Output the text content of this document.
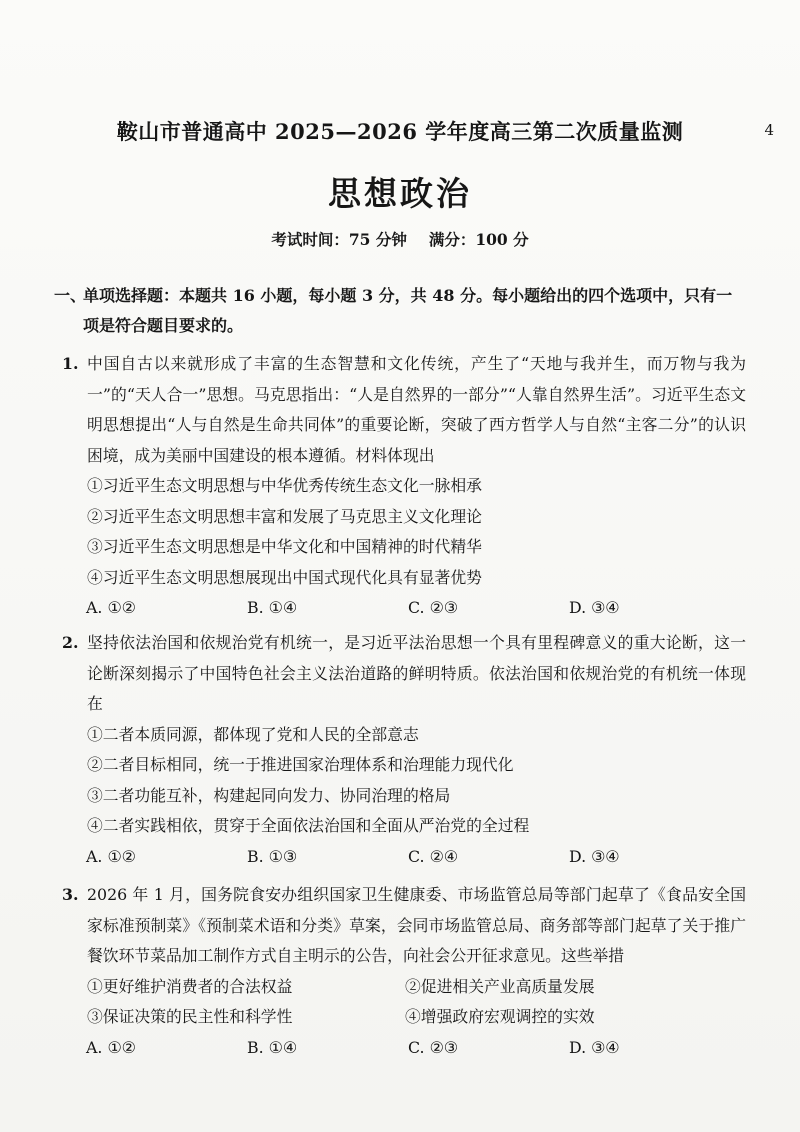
鞍山市普通高中 2025—2026 学年度高三第二次质量监测	4
思想政治
考试时间：75 分钟 满分：100 分
一、
单项选择题：本题共 16 小题，每小题 3 分，共 48 分。每小题给出的四个选项中，只有一项是符合题目要求的。
1. 中国自古以来就形成了丰富的生态智慧和文化传统，产生了“天地与我并生，而万物与我为一”的“天人合一”思想。马克思指出：“人是自然界的一部分”“人靠自然界生活”。习近平生态文明思想提出“人与自然是生命共同体”的重要论断，突破了西方哲学人与自然“主客二分”的认识困境，成为美丽中国建设的根本遵循。材料体现出
①习近平生态文明思想与中华优秀传统生态文化一脉相承
②习近平生态文明思想丰富和发展了马克思主义文化理论
③习近平生态文明思想是中华文化和中国精神的时代精华
④习近平生态文明思想展现出中国式现代化具有显著优势
A. ①②	B. ①④	C. ②③	D. ③④
2. 坚持依法治国和依规治党有机统一，是习近平法治思想一个具有里程碑意义的重大论断，这一论断深刻揭示了中国特色社会主义法治道路的鲜明特质。依法治国和依规治党的有机统一体现在
①二者本质同源，都体现了党和人民的全部意志
②二者目标相同，统一于推进国家治理体系和治理能力现代化
③二者功能互补，构建起同向发力、协同治理的格局
④二者实践相依，贯穿于全面依法治国和全面从严治党的全过程
A. ①②	B. ①③	C. ②④	D. ③④
3. 2026 年 1 月，国务院食安办组织国家卫生健康委、市场监管总局等部门起草了《食品安全国家标准预制菜》《预制菜术语和分类》草案，会同市场监管总局、商务部等部门起草了关于推广餐饮环节菜品加工制作方式自主明示的公告，向社会公开征求意见。这些举措
①更好维护消费者的合法权益	②促进相关产业高质量发展
③保证决策的民主性和科学性	④增强政府宏观调控的实效
A. ①②	B. ①④	C. ②③	D. ③④
